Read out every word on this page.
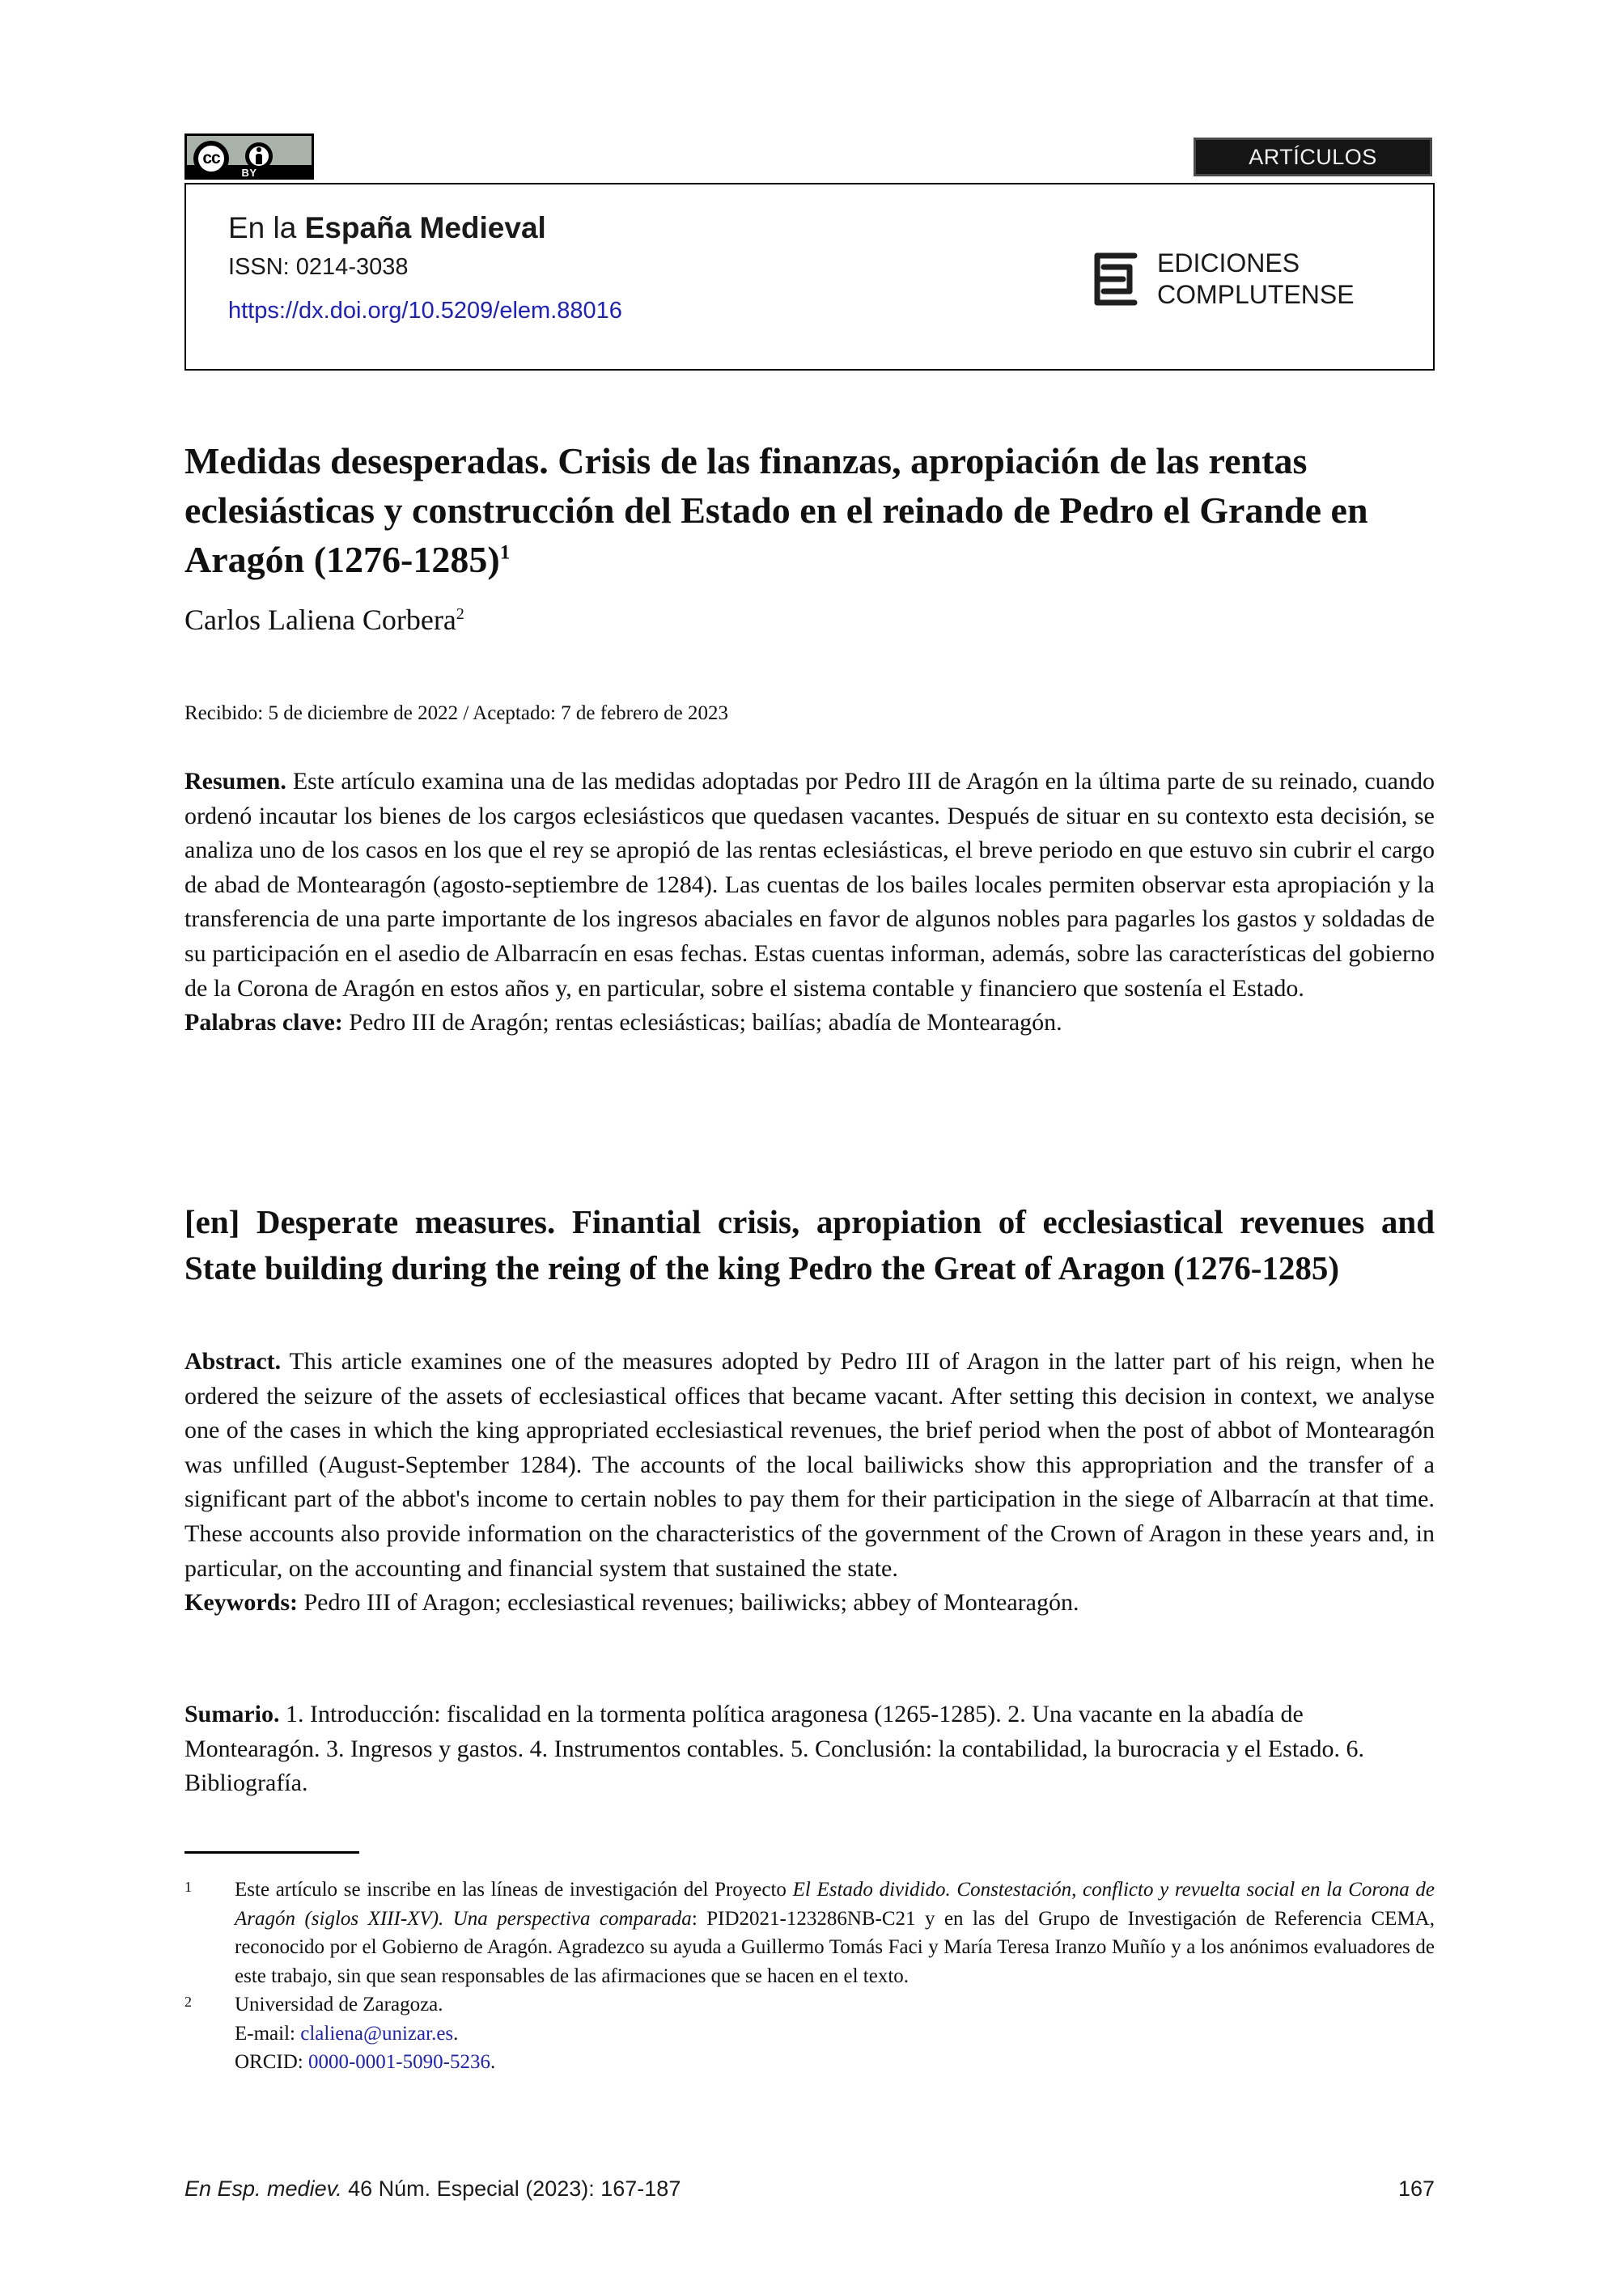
cc
BY
ARTÍCULOS
En la España Medieval
ISSN: 0214-3038
https://dx.doi.org/10.5209/elem.88016
EDICIONES
COMPLUTENSE
Medidas desesperadas. Crisis de las finanzas, apropiación de las rentas eclesiásticas y construcción del Estado en el reinado de Pedro el Grande en Aragón (1276-1285)$^1$
Carlos Laliena Corbera$^2$
Recibido: 5 de diciembre de 2022 / Aceptado: 7 de febrero de 2023

Resumen. Este artículo examina una de las medidas adoptadas por Pedro III de Aragón en la última parte de su reinado, cuando ordenó incautar los bienes de los cargos eclesiásticos que quedasen vacantes. Después de situar en su contexto esta decisión, se analiza uno de los casos en los que el rey se apropió de las rentas eclesiásticas, el breve periodo en que estuvo sin cubrir el cargo de abad de Montearagón (agosto-septiembre de 1284). Las cuentas de los bailes locales permiten observar esta apropiación y la transferencia de una parte importante de los ingresos abaciales en favor de algunos nobles para pagarles los gastos y soldadas de su participación en el asedio de Albarracín en esas fechas. Estas cuentas informan, además, sobre las características del gobierno de la Corona de Aragón en estos años y, en particular, sobre el sistema contable y financiero que sostenía el Estado.

Palabras clave: Pedro III de Aragón; rentas eclesiásticas; bailías; abadía de Montearagón.

[en] Desperate measures. Finantial crisis, apropiation of ecclesiastical revenues and State building during the reing of the king Pedro the Great of Aragon (1276-1285)

Abstract. This article examines one of the measures adopted by Pedro III of Aragon in the latter part of his reign, when he ordered the seizure of the assets of ecclesiastical offices that became vacant. After setting this decision in context, we analyse one of the cases in which the king appropriated ecclesiastical revenues, the brief period when the post of abbot of Montearagón was unfilled (August-September 1284). The accounts of the local bailiwicks show this appropriation and the transfer of a significant part of the abbot's income to certain nobles to pay them for their participation in the siege of Albarracín at that time. These accounts also provide information on the characteristics of the government of the Crown of Aragon in these years and, in particular, on the accounting and financial system that sustained the state.

Keywords: Pedro III of Aragon; ecclesiastical revenues; bailiwicks; abbey of Montearagón.

Sumario. 1. Introducción: fiscalidad en la tormenta política aragonesa (1265-1285). 2. Una vacante en la abadía de Montearagón. 3. Ingresos y gastos. 4. Instrumentos contables. 5. Conclusión: la contabilidad, la burocracia y el Estado. 6. Bibliografía.
1	Este artículo se inscribe en las líneas de investigación del Proyecto El Estado dividido. Constestación, conflicto y revuelta social en la Corona de Aragón (siglos XIII-XV). Una perspectiva comparada: PID2021-123286NB-C21 y en las del Grupo de Investigación de Referencia CEMA, reconocido por el Gobierno de Aragón. Agradezco su ayuda a Guillermo Tomás Faci y María Teresa Iranzo Muñío y a los anónimos evaluadores de este trabajo, sin que sean responsables de las afirmaciones que se hacen en el texto.
2	Universidad de Zaragoza.
E-mail: claliena@unizar.es.
ORCID: 0000-0001-5090-5236.
En Esp. mediev. 46 Núm. Especial (2023): 167-187	167
